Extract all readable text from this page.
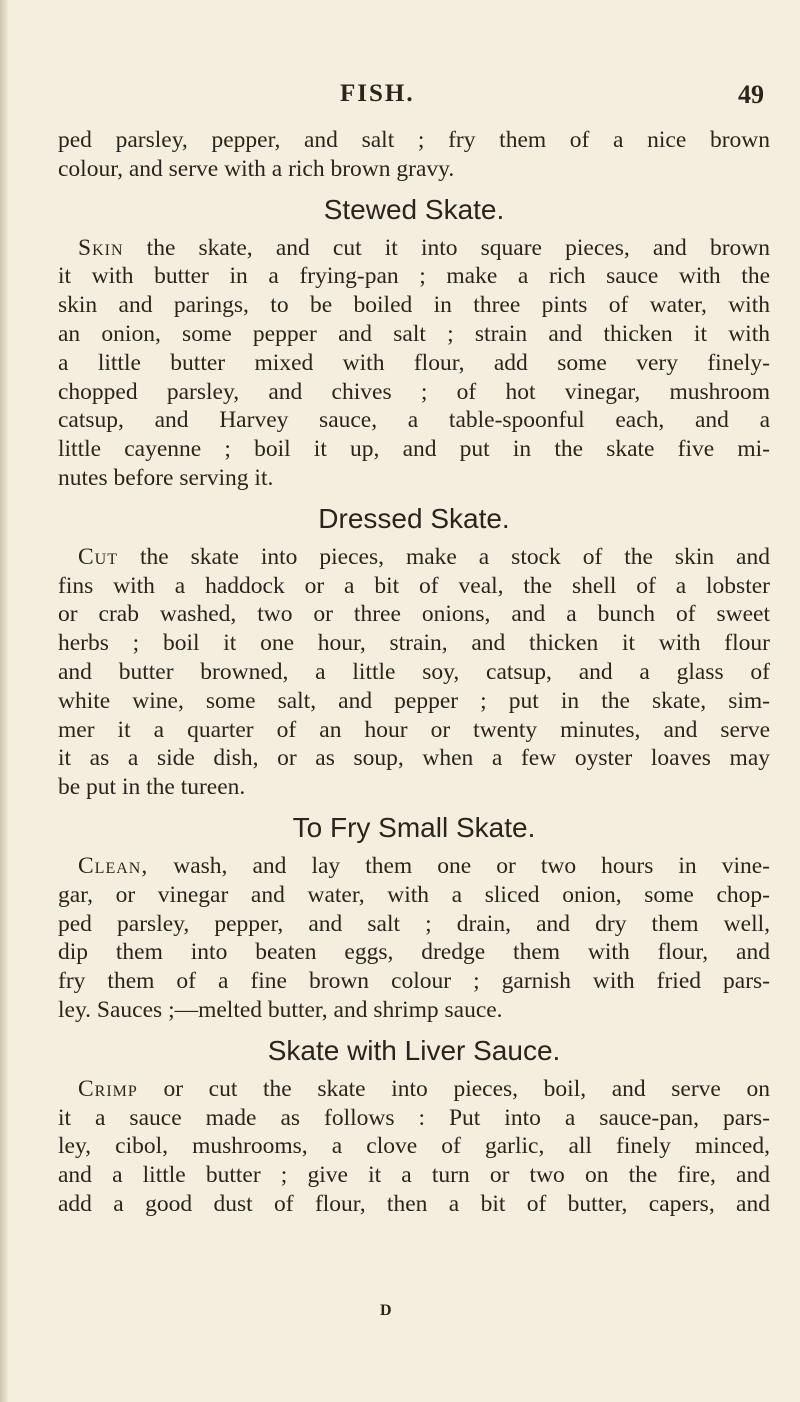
FISH.	49
ped parsley, pepper, and salt ; fry them of a nice brown
colour, and serve with a rich brown gravy.
Stewed Skate.
Skin the skate, and cut it into square pieces, and brown
it with butter in a frying-pan ; make a rich sauce with the
skin and parings, to be boiled in three pints of water, with
an onion, some pepper and salt ; strain and thicken it with
a little butter mixed with flour, add some very finely-
chopped parsley, and chives ; of hot vinegar, mushroom
catsup, and Harvey sauce, a table-spoonful each, and a
little cayenne ; boil it up, and put in the skate five mi-
nutes before serving it.
Dressed Skate.
Cut the skate into pieces, make a stock of the skin and
fins with a haddock or a bit of veal, the shell of a lobster
or crab washed, two or three onions, and a bunch of sweet
herbs ; boil it one hour, strain, and thicken it with flour
and butter browned, a little soy, catsup, and a glass of
white wine, some salt, and pepper ; put in the skate, sim-
mer it a quarter of an hour or twenty minutes, and serve
it as a side dish, or as soup, when a few oyster loaves may
be put in the tureen.
To Fry Small Skate.
Clean, wash, and lay them one or two hours in vine-
gar, or vinegar and water, with a sliced onion, some chop-
ped parsley, pepper, and salt ; drain, and dry them well,
dip them into beaten eggs, dredge them with flour, and
fry them of a fine brown colour ; garnish with fried pars-
ley. Sauces ;—melted butter, and shrimp sauce.
Skate with Liver Sauce.
Crimp or cut the skate into pieces, boil, and serve on
it a sauce made as follows : Put into a sauce-pan, pars-
ley, cibol, mushrooms, a clove of garlic, all finely minced,
and a little butter ; give it a turn or two on the fire, and
add a good dust of flour, then a bit of butter, capers, and
D
